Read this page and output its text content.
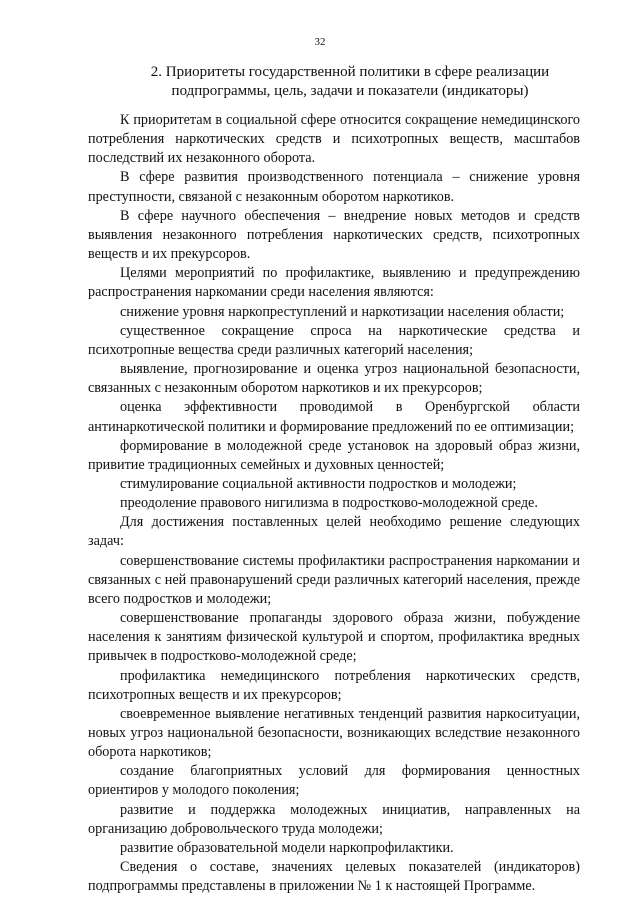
32
2. Приоритеты государственной политики в сфере реализации подпрограммы, цель, задачи и показатели (индикаторы)

К приоритетам в социальной сфере относится сокращение немедицинского потребления наркотических средств и психотропных веществ, масштабов последствий их незаконного оборота.

В сфере развития производственного потенциала – снижение уровня преступности, связаной с незаконным оборотом наркотиков.

В сфере научного обеспечения – внедрение новых методов и средств выявления незаконного потребления наркотических средств, психотропных веществ и их прекурсоров.

Целями мероприятий по профилактике, выявлению и предупреждению распространения наркомании среди населения являются:

снижение уровня наркопреступлений и наркотизации населения области;

существенное сокращение спроса на наркотические средства и психотропные вещества среди различных категорий населения;

выявление, прогнозирование и оценка угроз национальной безопасности, связанных с незаконным оборотом наркотиков и их прекурсоров;

оценка эффективности проводимой в Оренбургской области антинаркотической политики и формирование предложений по ее оптимизации;

формирование в молодежной среде установок на здоровый образ жизни, привитие традиционных семейных и духовных ценностей;

стимулирование социальной активности подростков и молодежи;

преодоление правового нигилизма в подростково-молодежной среде.

Для достижения поставленных целей необходимо решение следующих задач:

совершенствование системы профилактики распространения наркомании и связанных с ней правонарушений среди различных категорий населения, прежде всего подростков и молодежи;

совершенствование пропаганды здорового образа жизни, побуждение населения к занятиям физической культурой и спортом, профилактика вредных привычек в подростково-молодежной среде;

профилактика немедицинского потребления наркотических средств, психотропных веществ и их прекурсоров;

своевременное выявление негативных тенденций развития наркоситуации, новых угроз национальной безопасности, возникающих вследствие незаконного оборота наркотиков;

создание благоприятных условий для формирования ценностных ориентиров у молодого поколения;

развитие и поддержка молодежных инициатив, направленных на организацию добровольческого труда молодежи;

развитие образовательной модели наркопрофилактики.

Сведения о составе, значениях целевых показателей (индикаторов) подпрограммы представлены в приложении № 1 к настоящей Программе.
